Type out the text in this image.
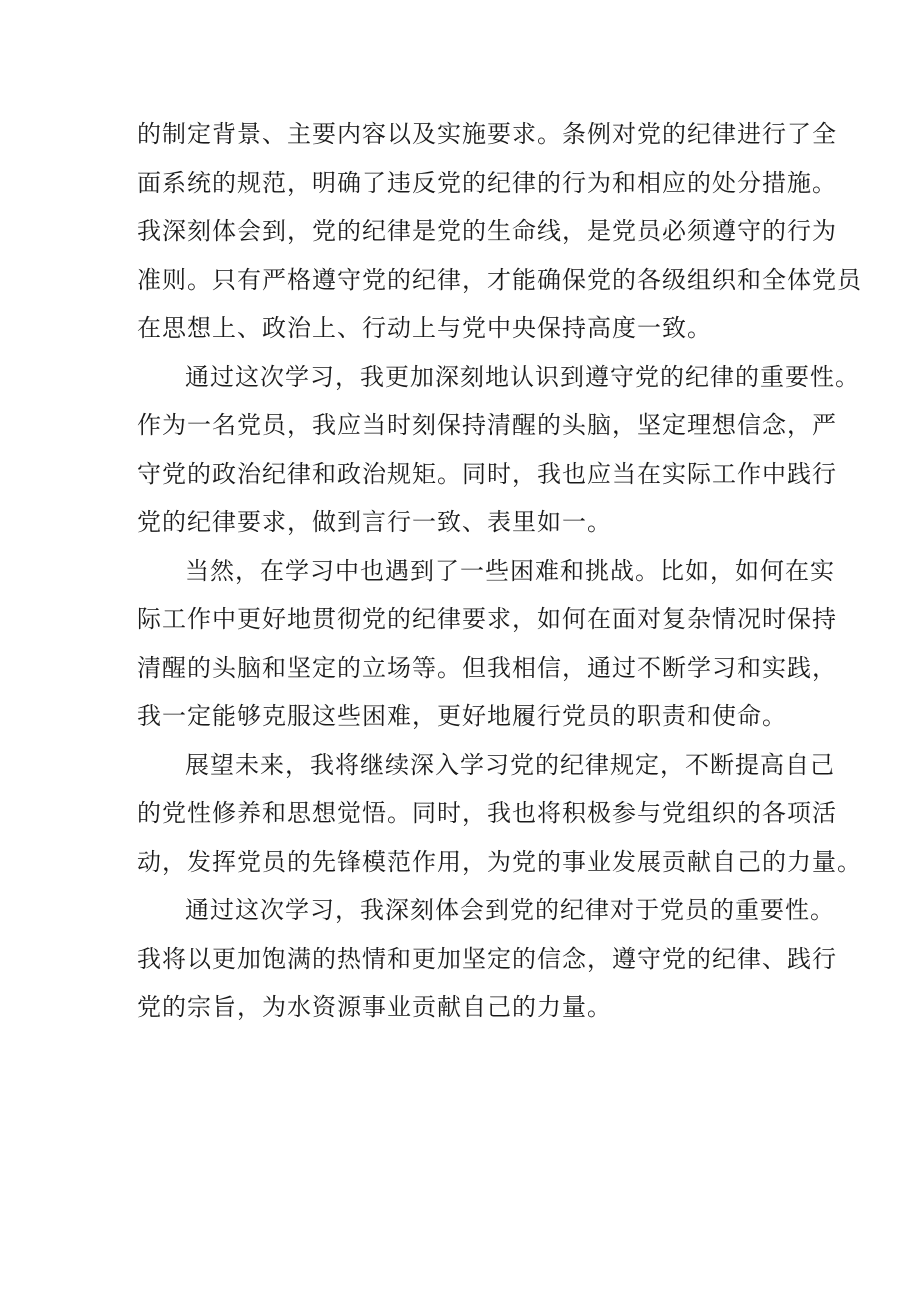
的制定背景、主要内容以及实施要求。条例对党的纪律进行了全
面系统的规范，明确了违反党的纪律的行为和相应的处分措施。
我深刻体会到，党的纪律是党的生命线，是党员必须遵守的行为
准则。只有严格遵守党的纪律，才能确保党的各级组织和全体党员
在思想上、政治上、行动上与党中央保持高度一致。
通过这次学习，我更加深刻地认识到遵守党的纪律的重要性。
作为一名党员，我应当时刻保持清醒的头脑，坚定理想信念，严
守党的政治纪律和政治规矩。同时，我也应当在实际工作中践行
党的纪律要求，做到言行一致、表里如一。
当然，在学习中也遇到了一些困难和挑战。比如，如何在实
际工作中更好地贯彻党的纪律要求，如何在面对复杂情况时保持
清醒的头脑和坚定的立场等。但我相信，通过不断学习和实践，
我一定能够克服这些困难，更好地履行党员的职责和使命。
展望未来，我将继续深入学习党的纪律规定，不断提高自己
的党性修养和思想觉悟。同时，我也将积极参与党组织的各项活
动，发挥党员的先锋模范作用，为党的事业发展贡献自己的力量。
通过这次学习，我深刻体会到党的纪律对于党员的重要性。
我将以更加饱满的热情和更加坚定的信念，遵守党的纪律、践行
党的宗旨，为水资源事业贡献自己的力量。
